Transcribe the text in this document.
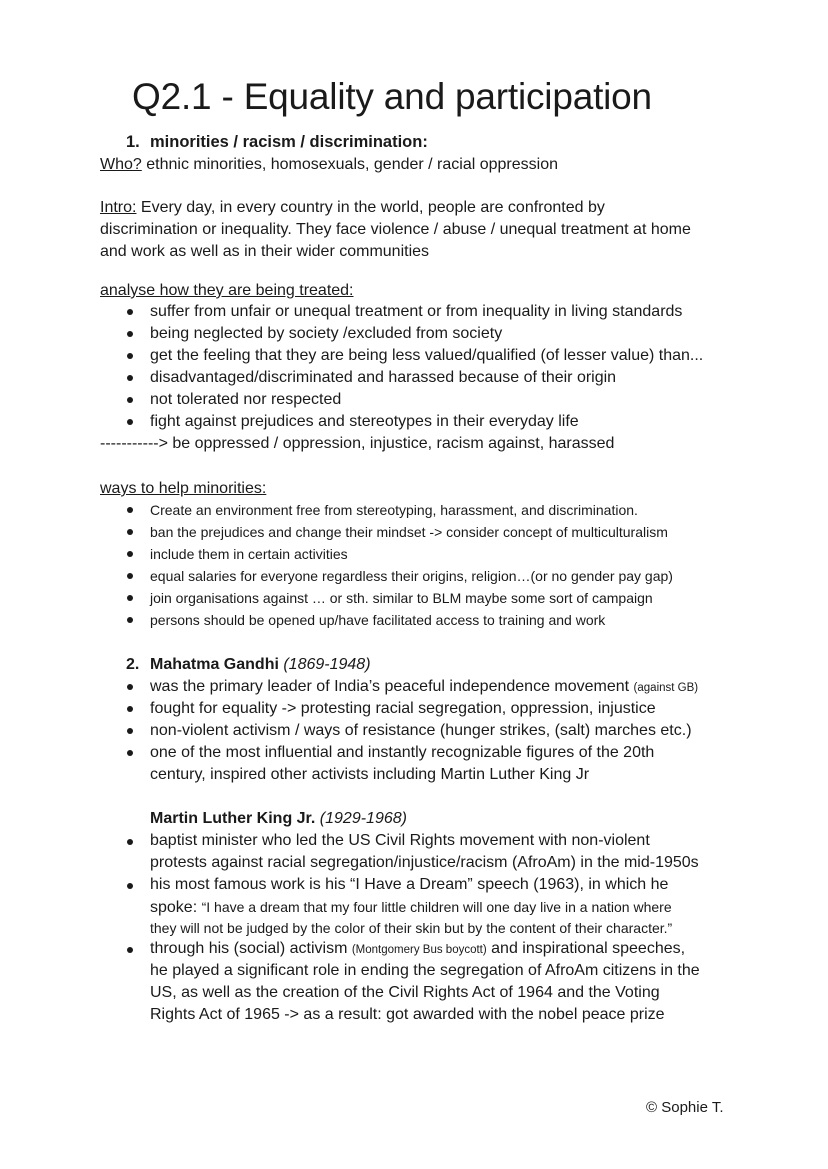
Q2.1 - Equality and participation
1. minorities / racism / discrimination:
Who? ethnic minorities, homosexuals, gender / racial oppression
Intro: Every day, in every country in the world, people are confronted by
discrimination or inequality. They face violence / abuse / unequal treatment at home
and work as well as in their wider communities
analyse how they are being treated:
suffer from unfair or unequal treatment or from inequality in living standards
being neglected by society /excluded from society
get the feeling that they are being less valued/qualified (of lesser value) than...
disadvantaged/discriminated and harassed because of their origin
not tolerated nor respected
fight against prejudices and stereotypes in their everyday life
-----------> be oppressed / oppression, injustice, racism against, harassed
ways to help minorities:
Create an environment free from stereotyping, harassment, and discrimination.
ban the prejudices and change their mindset -> consider concept of multiculturalism
include them in certain activities
equal salaries for everyone regardless their origins, religion…(or no gender pay gap)
join organisations against … or sth. similar to BLM maybe some sort of campaign
persons should be opened up/have facilitated access to training and work
2. Mahatma Gandhi (1869-1948)
was the primary leader of India’s peaceful independence movement (against GB)
fought for equality -> protesting racial segregation, oppression, injustice
non-violent activism / ways of resistance (hunger strikes, (salt) marches etc.)
one of the most influential and instantly recognizable figures of the 20th
century, inspired other activists including Martin Luther King Jr
Martin Luther King Jr. (1929-1968)
baptist minister who led the US Civil Rights movement with non-violent
protests against racial segregation/injustice/racism (AfroAm) in the mid-1950s
his most famous work is his “I Have a Dream” speech (1963), in which he
spoke: “I have a dream that my four little children will one day live in a nation where
they will not be judged by the color of their skin but by the content of their character.”
through his (social) activism (Montgomery Bus boycott) and inspirational speeches,
he played a significant role in ending the segregation of AfroAm citizens in the
US, as well as the creation of the Civil Rights Act of 1964 and the Voting
Rights Act of 1965 -> as a result: got awarded with the nobel peace prize
© Sophie T.
